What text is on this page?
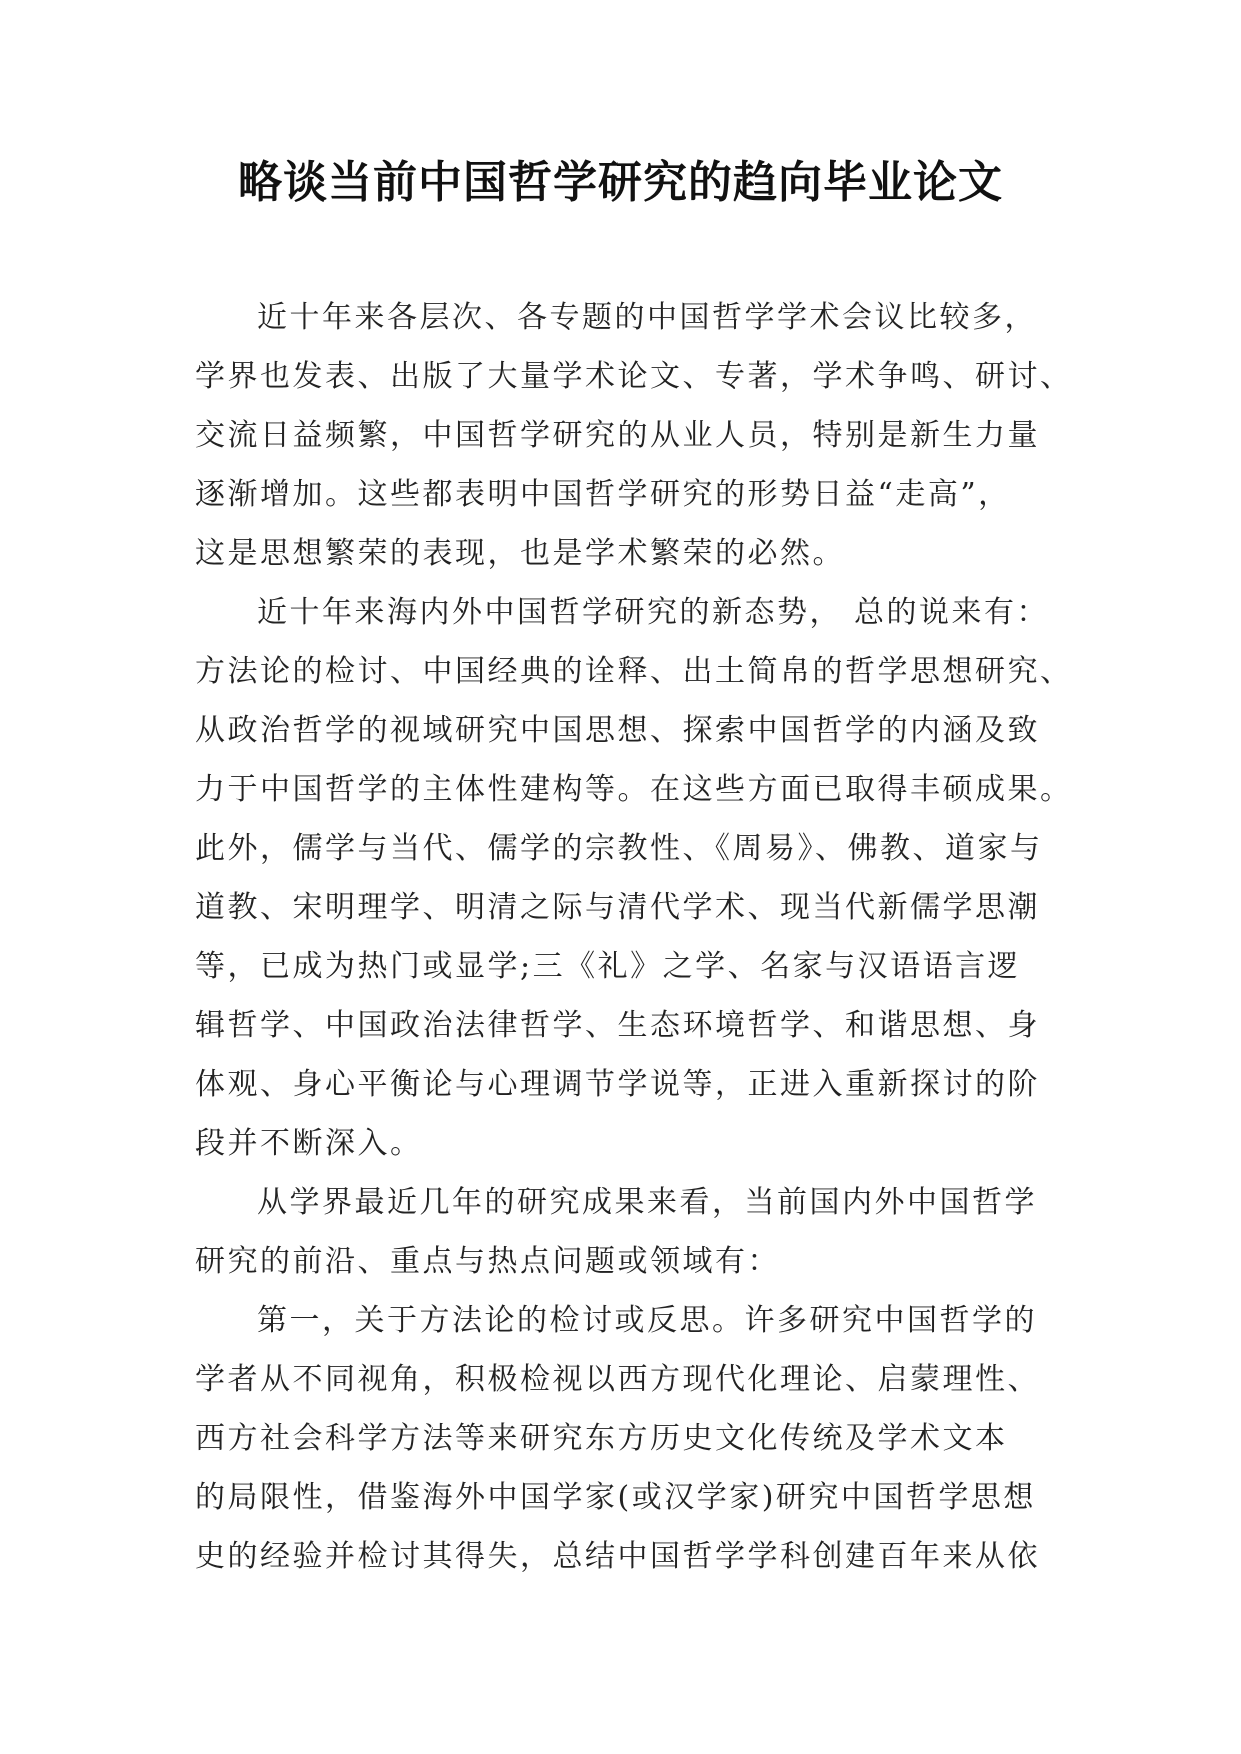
略谈当前中国哲学研究的趋向毕业论文
近十年来各层次、各专题的中国哲学学术会议比较多，
学界也发表、出版了大量学术论文、专著，学术争鸣、研讨、
交流日益频繁，中国哲学研究的从业人员，特别是新生力量
逐渐增加。这些都表明中国哲学研究的形势日益“走高”，
这是思想繁荣的表现，也是学术繁荣的必然。
近十年来海内外中国哲学研究的新态势， 总的说来有：
方法论的检讨、中国经典的诠释、出土简帛的哲学思想研究、
从政治哲学的视域研究中国思想、探索中国哲学的内涵及致
力于中国哲学的主体性建构等。在这些方面已取得丰硕成果。
此外，儒学与当代、儒学的宗教性、《周易》、佛教、道家与
道教、宋明理学、明清之际与清代学术、现当代新儒学思潮
等，已成为热门或显学;三《礼》之学、名家与汉语语言逻
辑哲学、中国政治法律哲学、生态环境哲学、和谐思想、身
体观、身心平衡论与心理调节学说等，正进入重新探讨的阶
段并不断深入。
从学界最近几年的研究成果来看，当前国内外中国哲学
研究的前沿、重点与热点问题或领域有：
第一，关于方法论的检讨或反思。许多研究中国哲学的
学者从不同视角，积极检视以西方现代化理论、启蒙理性、
西方社会科学方法等来研究东方历史文化传统及学术文本
的局限性，借鉴海外中国学家(或汉学家)研究中国哲学思想
史的经验并检讨其得失，总结中国哲学学科创建百年来从依
